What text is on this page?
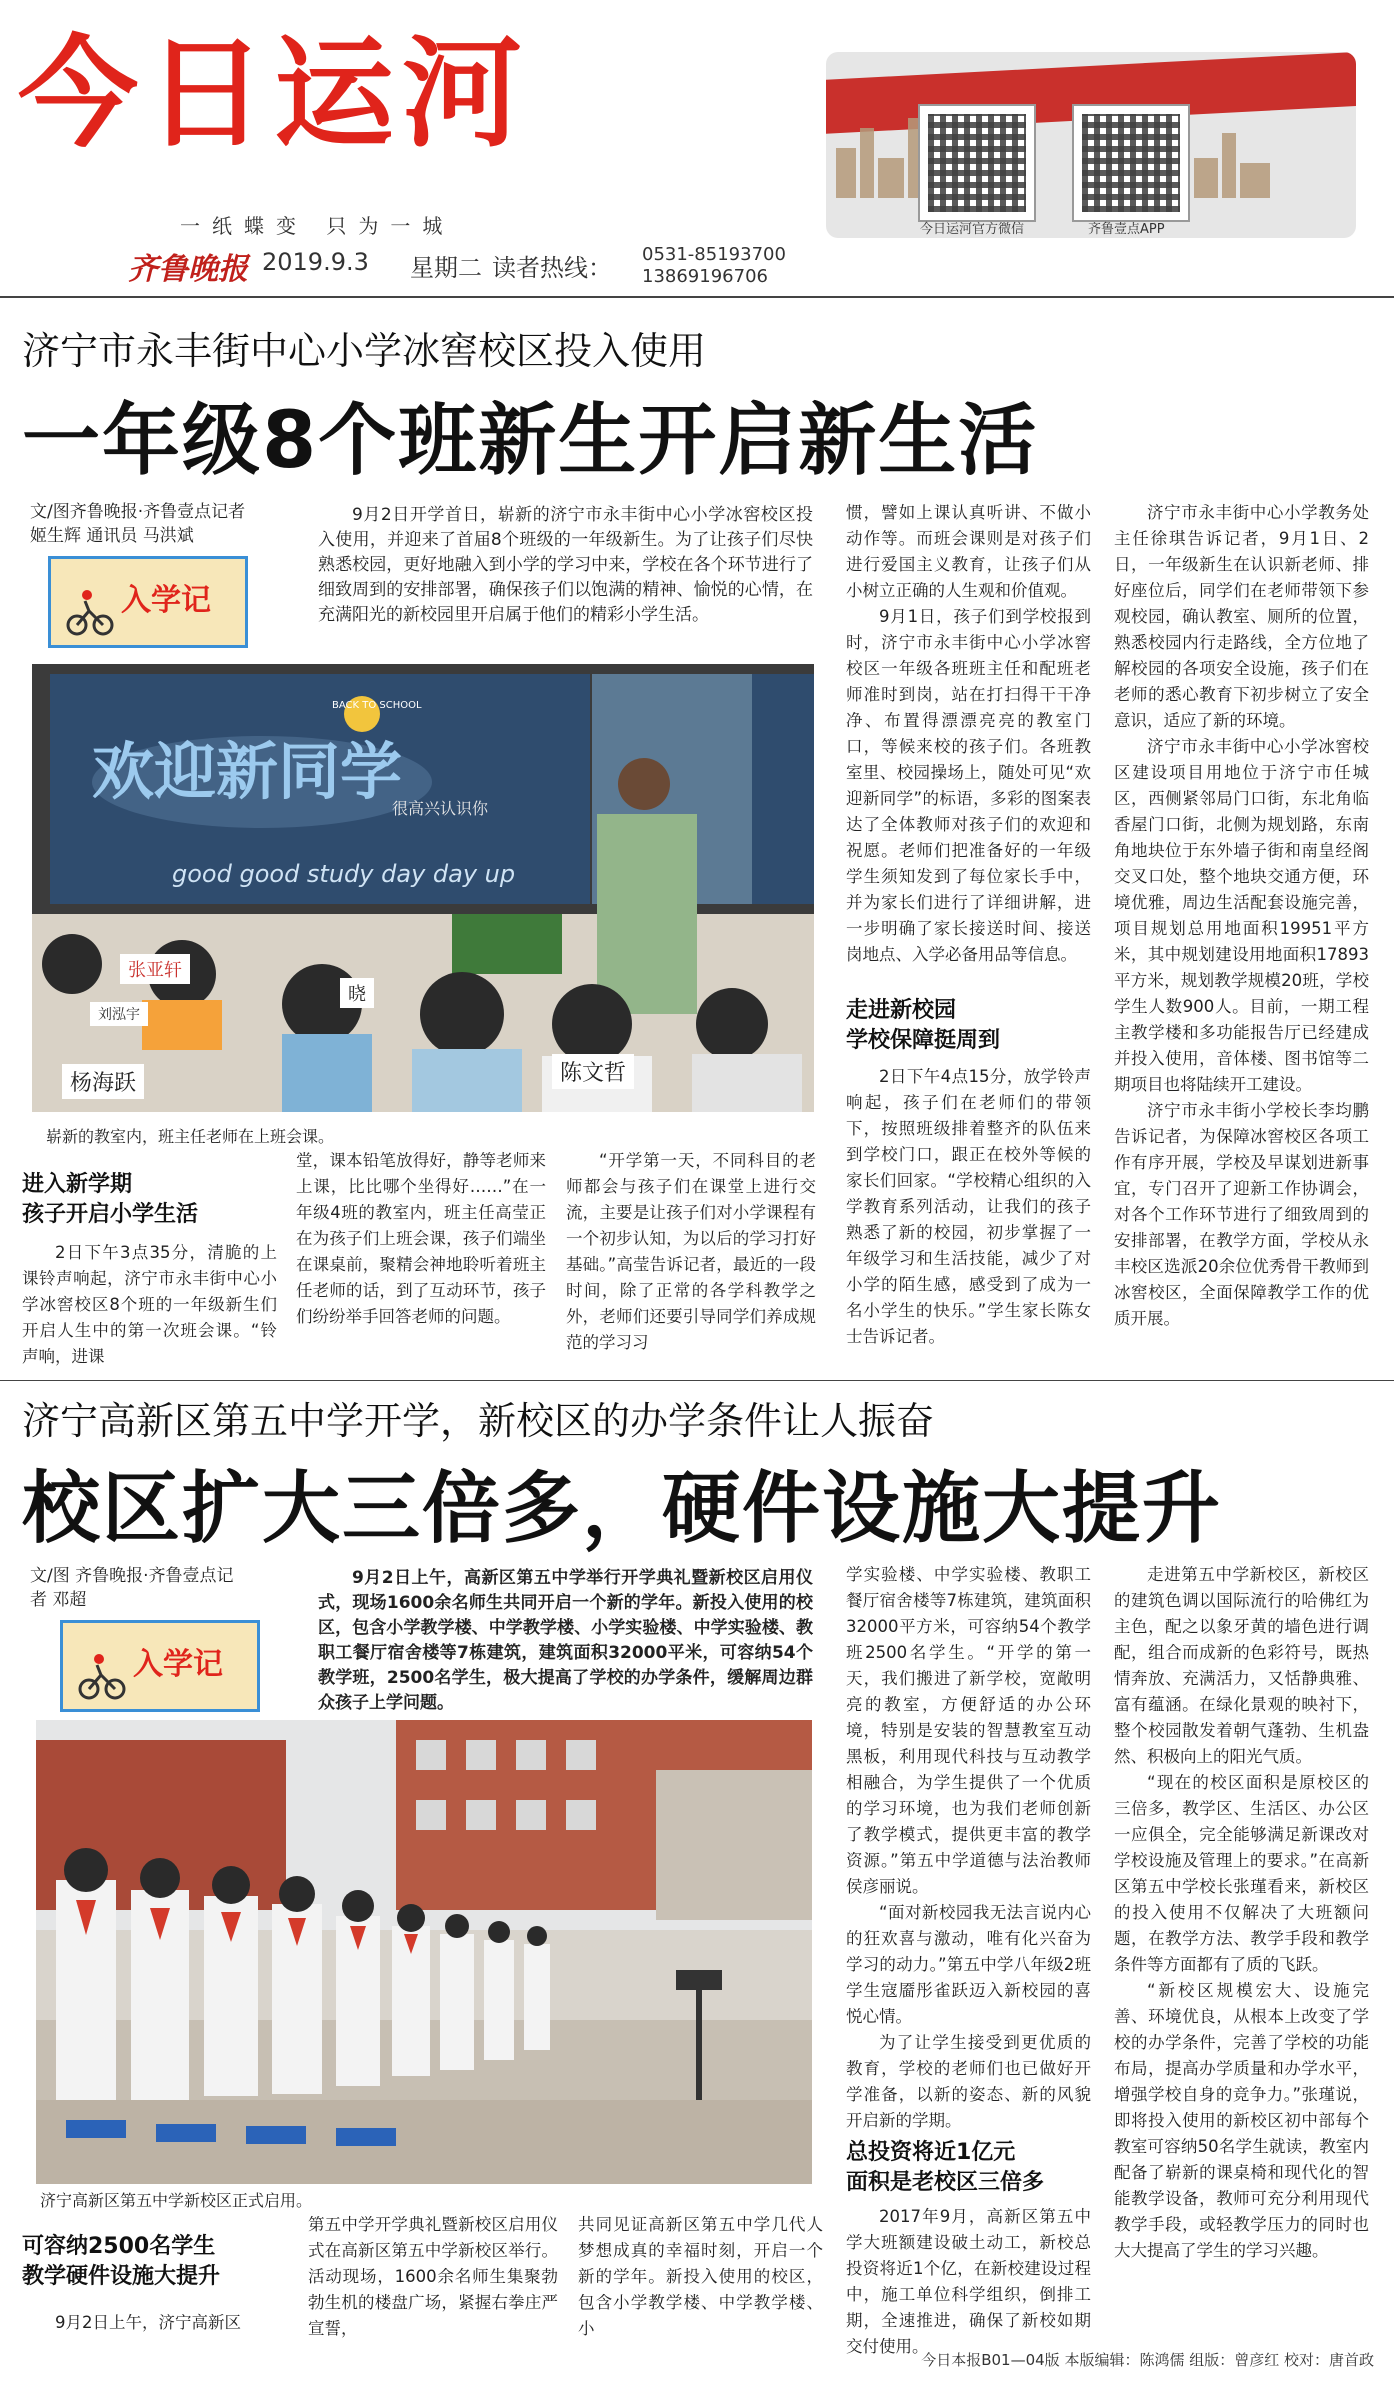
今日运河
一纸蝶变 只为一城
齐鲁晚报 2019.9.3 星期二 读者热线： 0531-85193700
13869196706
今日运河官方微信	齐鲁壹点APP
济宁市永丰街中心小学冰窖校区投入使用
一年级8个班新生开启新生活
文/图齐鲁晚报·齐鲁壹点记者
姬生辉 通讯员 马洪斌
入学记

9月2日开学首日，崭新的济宁市永丰街中心小学冰窖校区投入使用，并迎来了首届8个班级的一年级新生。为了让孩子们尽快熟悉校园，更好地融入到小学的学习中来，学校在各个环节进行了细致周到的安排部署，确保孩子们以饱满的精神、愉悦的心情，在充满阳光的新校园里开启属于他们的精彩小学生活。

欢迎新同学
BACK TO SCHOOL
很高兴认识你
good good study day day up
张亚轩
刘泓宇
杨海跃	陈文哲
晓
崭新的教室内，班主任老师在上班会课。
进入新学期
孩子开启小学生活

2日下午3点35分，清脆的上课铃声响起，济宁市永丰街中心小学冰窖校区8个班的一年级新生们开启人生中的第一次班会课。“铃声响，进课

堂，课本铅笔放得好，静等老师来上课，比比哪个坐得好……”在一年级4班的教室内，班主任高莹正在为孩子们上班会课，孩子们端坐在课桌前，聚精会神地聆听着班主任老师的话，到了互动环节，孩子们纷纷举手回答老师的问题。

“开学第一天，不同科目的老师都会与孩子们在课堂上进行交流，主要是让孩子们对小学课程有一个初步认知，为以后的学习打好基础。”高莹告诉记者，最近的一段时间，除了正常的各学科教学之外，老师们还要引导同学们养成规范的学习习

惯，譬如上课认真听讲、不做小动作等。而班会课则是对孩子们进行爱国主义教育，让孩子们从小树立正确的人生观和价值观。

9月1日，孩子们到学校报到时，济宁市永丰街中心小学冰窖校区一年级各班班主任和配班老师准时到岗，站在打扫得干干净净、布置得漂漂亮亮的教室门口，等候来校的孩子们。各班教室里、校园操场上，随处可见“欢迎新同学”的标语，多彩的图案表达了全体教师对孩子们的欢迎和祝愿。老师们把准备好的一年级学生须知发到了每位家长手中，并为家长们进行了详细讲解，进一步明确了家长接送时间、接送岗地点、入学必备用品等信息。

走进新校园
学校保障挺周到

2日下午4点15分，放学铃声响起，孩子们在老师们的带领下，按照班级排着整齐的队伍来到学校门口，跟正在校外等候的家长们回家。“学校精心组织的入学教育系列活动，让我们的孩子熟悉了新的校园，初步掌握了一年级学习和生活技能，减少了对小学的陌生感，感受到了成为一名小学生的快乐。”学生家长陈女士告诉记者。

济宁市永丰街中心小学教务处主任徐琪告诉记者，9月1日、2日，一年级新生在认识新老师、排好座位后，同学们在老师带领下参观校园，确认教室、厕所的位置，熟悉校园内行走路线，全方位地了解校园的各项安全设施，孩子们在老师的悉心教育下初步树立了安全意识，适应了新的环境。

济宁市永丰街中心小学冰窖校区建设项目用地位于济宁市任城区，西侧紧邻局门口街，东北角临香屋门口街，北侧为规划路，东南角地块位于东外墙子街和南皇经阁交叉口处，整个地块交通方便，环境优雅，周边生活配套设施完善，项目规划总用地面积19951平方米，其中规划建设用地面积17893平方米，规划教学规模20班，学校学生人数900人。目前，一期工程主教学楼和多功能报告厅已经建成并投入使用，音体楼、图书馆等二期项目也将陆续开工建设。

济宁市永丰街小学校长李均鹏告诉记者，为保障冰窖校区各项工作有序开展，学校及早谋划进新事宜，专门召开了迎新工作协调会，对各个工作环节进行了细致周到的安排部署，在教学方面，学校从永丰校区选派20余位优秀骨干教师到冰窖校区，全面保障教学工作的优质开展。

济宁高新区第五中学开学，新校区的办学条件让人振奋
校区扩大三倍多，硬件设施大提升
文/图 齐鲁晚报·齐鲁壹点记
者 邓超
入学记

9月2日上午，高新区第五中学举行开学典礼暨新校区启用仪式，现场1600余名师生共同开启一个新的学年。新投入使用的校区，包含小学教学楼、中学教学楼、小学实验楼、中学实验楼、教职工餐厅宿舍楼等7栋建筑，建筑面积32000平米，可容纳54个教学班，2500名学生，极大提高了学校的办学条件，缓解周边群众孩子上学问题。

济宁高新区第五中学新校区正式启用。
可容纳2500名学生
教学硬件设施大提升

9月2日上午，济宁高新区

第五中学开学典礼暨新校区启用仪式在高新区第五中学新校区举行。活动现场，1600余名师生集聚勃勃生机的楼盘广场，紧握右拳庄严宣誓，

共同见证高新区第五中学几代人梦想成真的幸福时刻，开启一个新的学年。新投入使用的校区，包含小学教学楼、中学教学楼、小

学实验楼、中学实验楼、教职工餐厅宿舍楼等7栋建筑，建筑面积32000平方米，可容纳54个教学班2500名学生。“开学的第一天，我们搬进了新学校，宽敞明亮的教室，方便舒适的办公环境，特别是安装的智慧教室互动黑板，利用现代科技与互动教学相融合，为学生提供了一个优质的学习环境，也为我们老师创新了教学模式，提供更丰富的教学资源。”第五中学道德与法治教师侯彦丽说。

“面对新校园我无法言说内心的狂欢喜与激动，唯有化兴奋为学习的动力。”第五中学八年级2班学生寇靥彤雀跃迈入新校园的喜悦心情。

为了让学生接受到更优质的教育，学校的老师们也已做好开学准备，以新的姿态、新的风貌开启新的学期。

总投资将近1亿元
面积是老校区三倍多

2017年9月，高新区第五中学大班额建设破土动工，新校总投资将近1个亿，在新校建设过程中，施工单位科学组织，倒排工期，全速推进，确保了新校如期交付使用。

走进第五中学新校区，新校区的建筑色调以国际流行的哈佛红为主色，配之以象牙黄的墙色进行调配，组合而成新的色彩符号，既热情奔放、充满活力，又恬静典雅、富有蕴涵。在绿化景观的映衬下，整个校园散发着朝气蓬勃、生机盎然、积极向上的阳光气质。

“现在的校区面积是原校区的三倍多，教学区、生活区、办公区一应俱全，完全能够满足新课改对学校设施及管理上的要求。”在高新区第五中学校长张瑾看来，新校区的投入使用不仅解决了大班额问题，在教学方法、教学手段和教学条件等方面都有了质的飞跃。

“新校区规模宏大、设施完善、环境优良，从根本上改变了学校的办学条件，完善了学校的功能布局，提高办学质量和办学水平，增强学校自身的竞争力。”张瑾说，即将投入使用的新校区初中部每个教室可容纳50名学生就读，教室内配备了崭新的课桌椅和现代化的智能教学设备，教师可充分利用现代教学手段，或轻教学压力的同时也大大提高了学生的学习兴趣。

今日本报B01—04版 本版编辑：陈鸿儒 组版：曾彦红 校对：唐首政
